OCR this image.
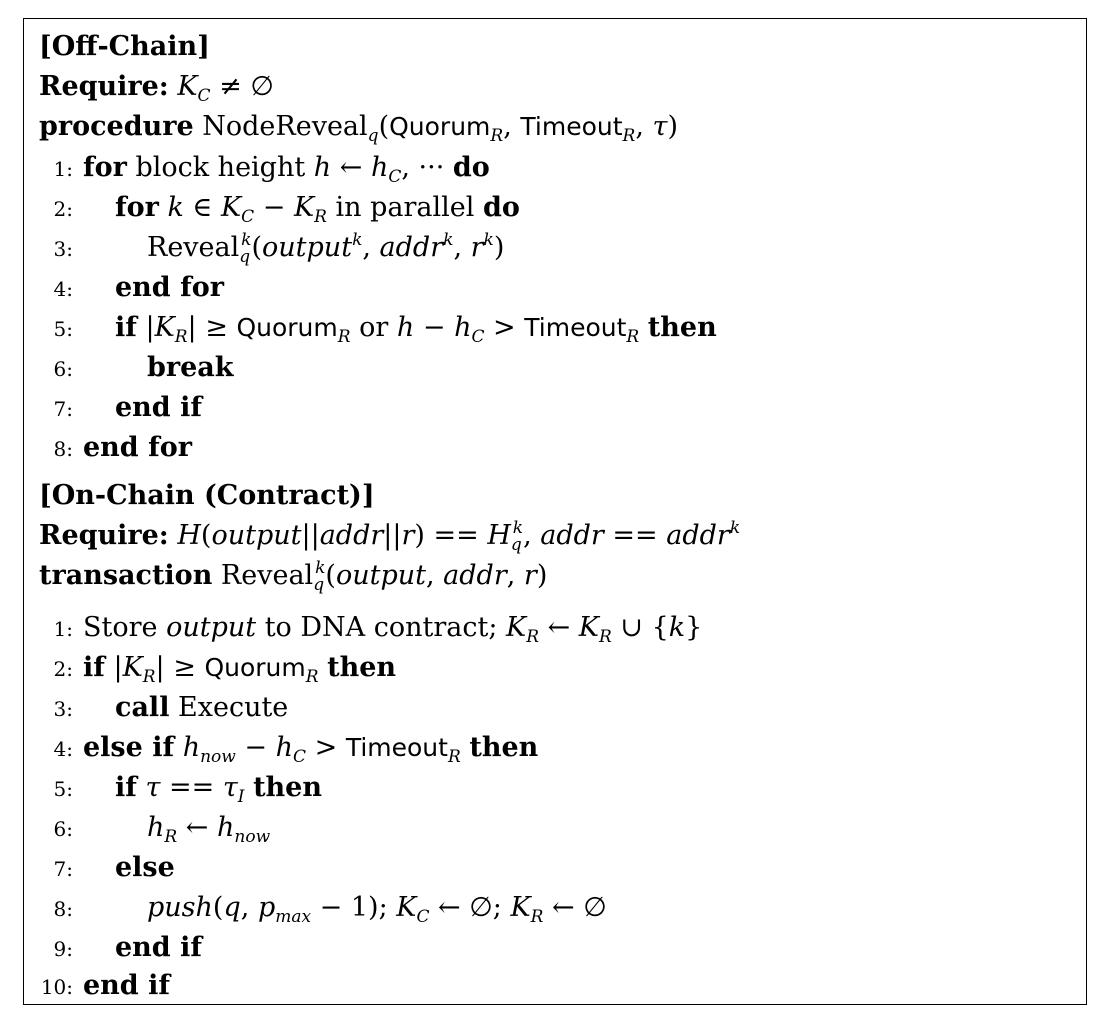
[Off-Chain]
Require: $K_C$ ≠ ∅
procedure NodeReveal$_q$(Quorum$_R$, Timeout$_R$, τ)
1: for block height h ← $h_C$, ··· do
2: for k ∈ $K_C - K_R$ in parallel do
3:	Reveal$_q^k$(output$^k$, addr$^k$, $r^k$)
4: end for
5: if $|K_R|$ ≥ Quorum$_R$ or $h - h_C$ > Timeout$_R$ then
6:	break
7: end if
8: end for
[On-Chain (Contract)]
Require: H(output||addr||r) == $H_q^k$, addr == addr$^k$
transaction Reveal$_q^k$(output, addr, r)
1: Store output to DNA contract; $K_R$ ← $K_R$ ∪ {k}
2: if $|K_R|$ ≥ Quorum$_R$ then
3: call Execute
4: else if $h_{now} - h_C$ > Timeout$_R$ then
5: if $\tau == \tau_I$ then
6:	$h_R$ ← $h_{now}$
7: else
8:	push(q, $p_{max} - 1$); $K_C$ ← ∅; $K_R$ ← ∅
9: end if
10: end if
